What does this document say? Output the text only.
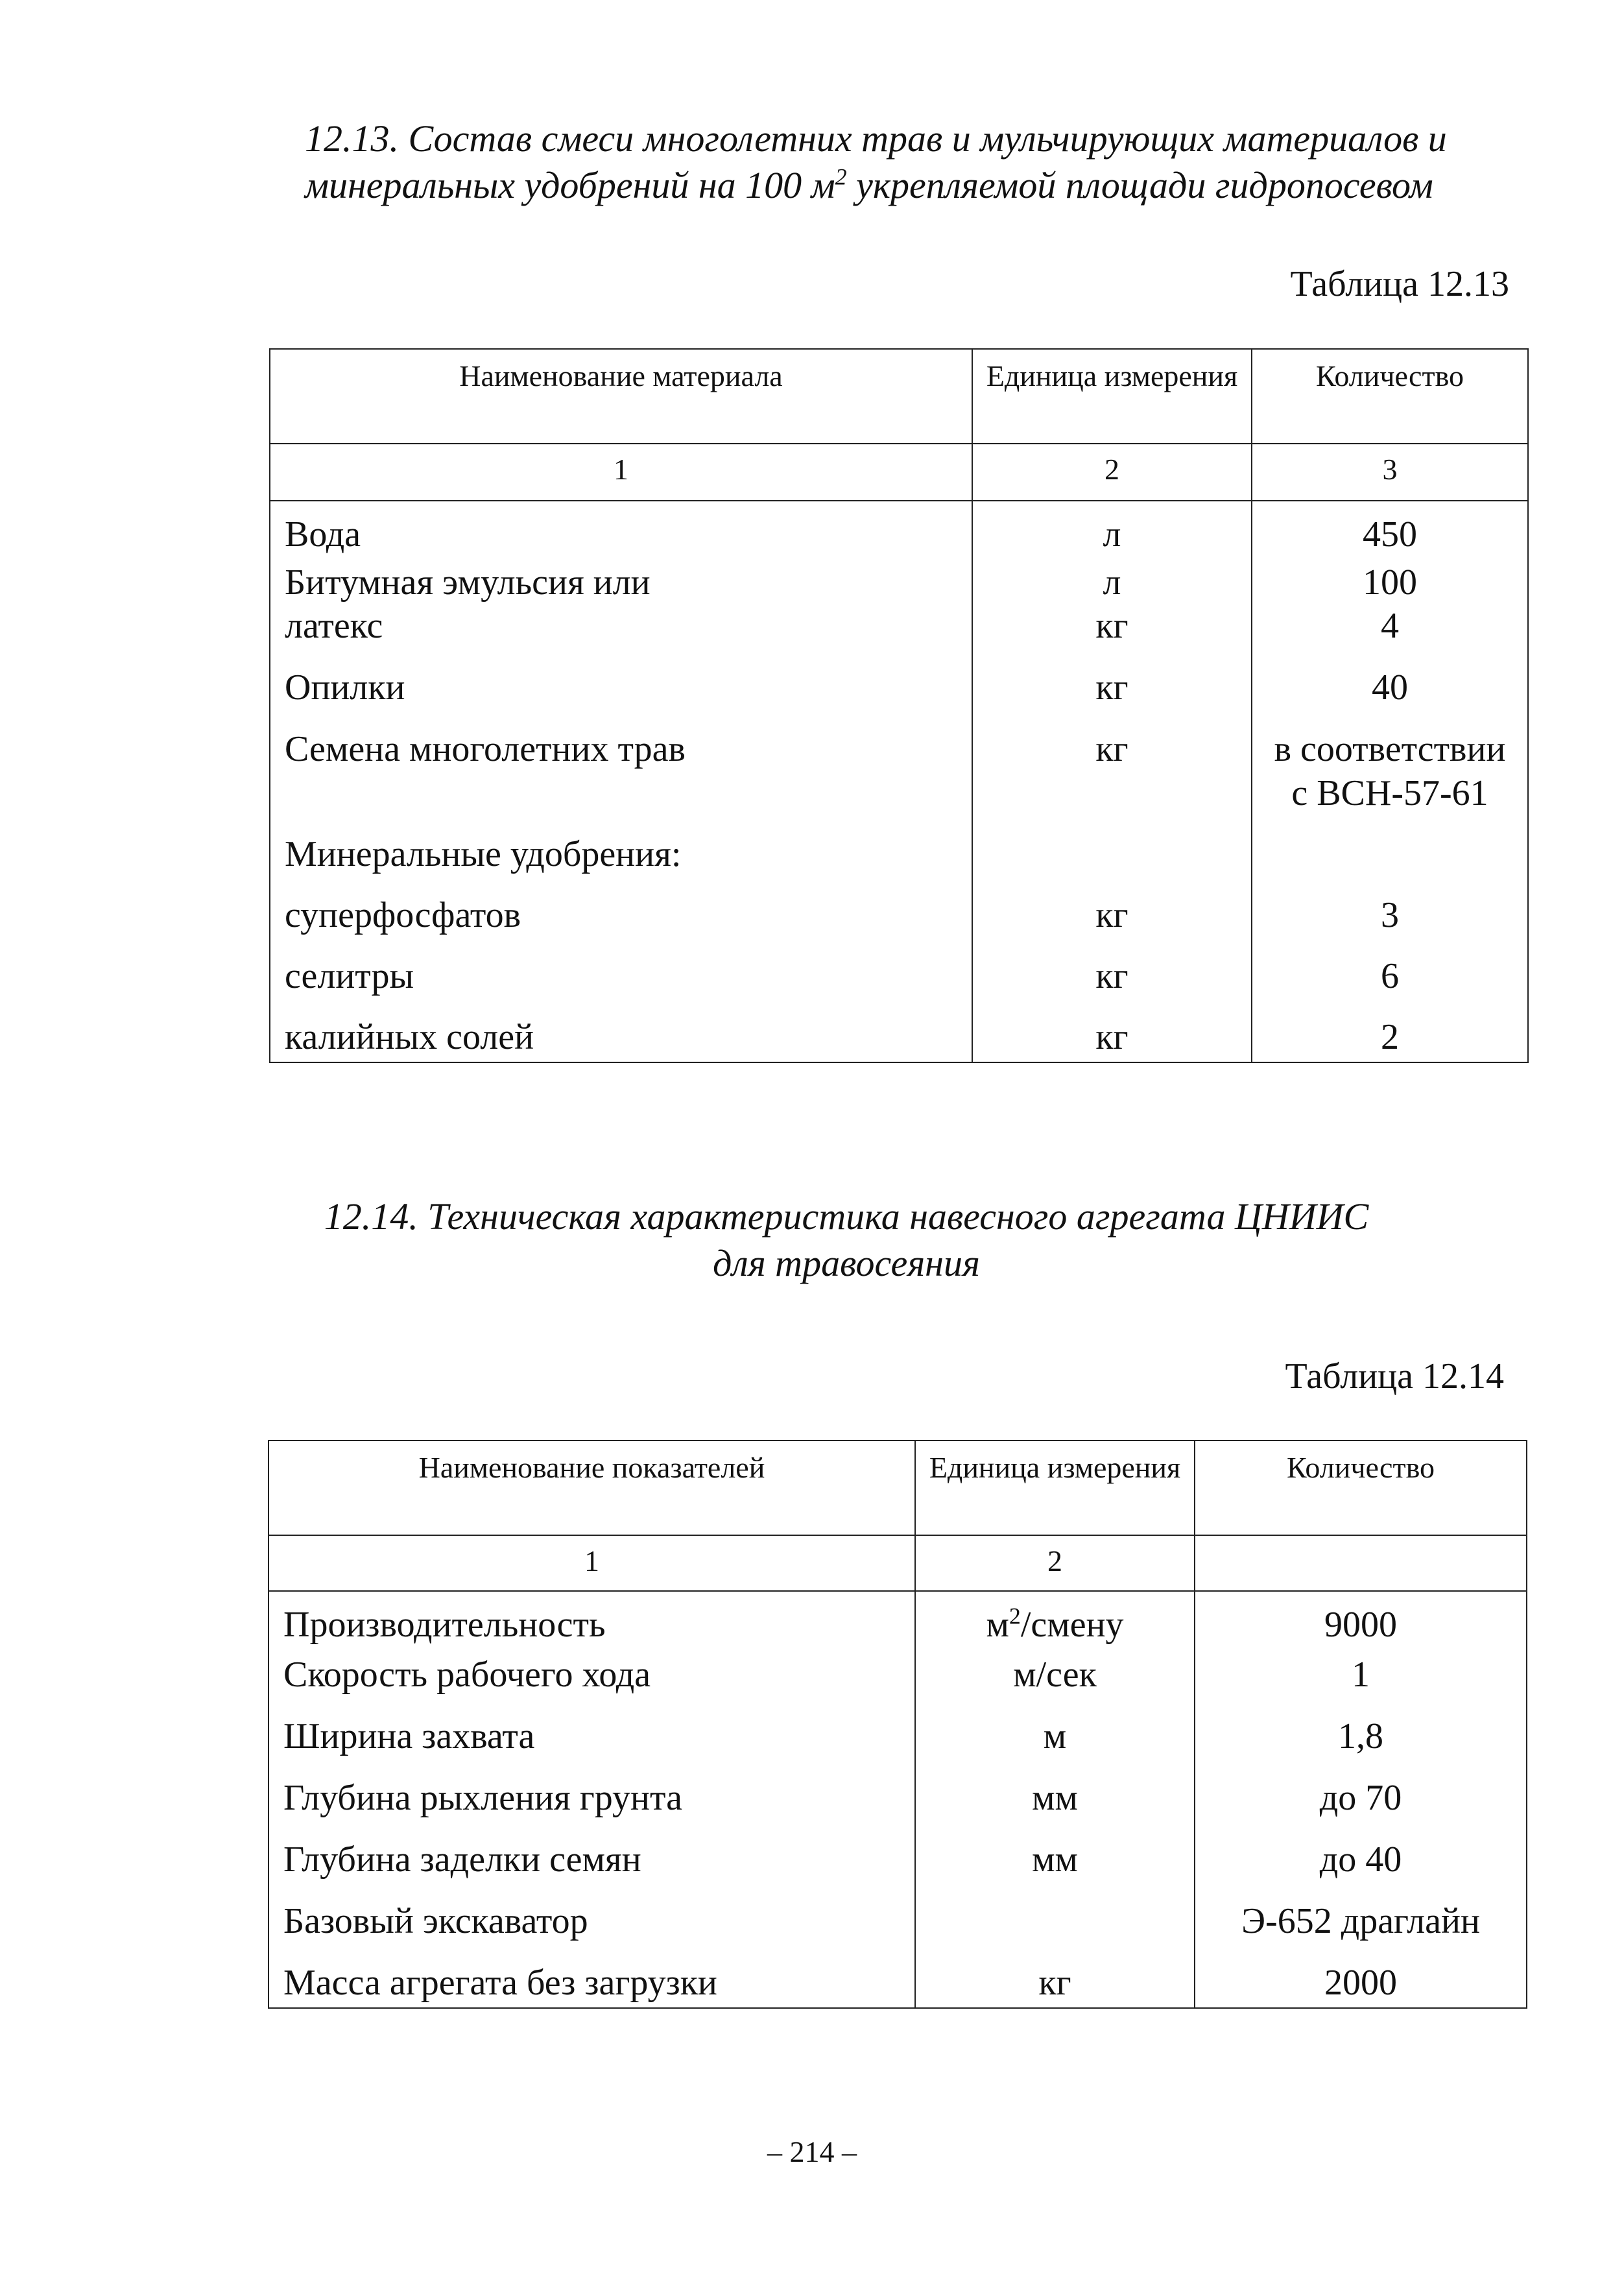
12.13. Состав смеси многолетних трав и мульчирующих материалов и
минеральных удобрений на 100 $м^2$ укрепляемой площади гидропосевом
Таблица 12.13
Наименование материала	Единица измерения	Количество
1	2	3
Вода	л	450
Битумная эмульсия или	л	100
латекс	кг	4
Опилки	кг	40
Семена многолетних трав	кг	в соответствии
		с ВСН-57-61
Минеральные удобрения:		
суперфосфатов	кг	3
селитры	кг	6
калийных солей	кг	2
12.14. Техническая характеристика навесного агрегата ЦНИИС
для травосеяния
Таблица 12.14
Наименование показателей	Единица измерения	Количество
1	2	
Производительность	$м^2$/смену	9000
Скорость рабочего хода	м/сек	1
Ширина захвата	м	1,8
Глубина рыхления грунта	мм	до 70
Глубина заделки семян	мм	до 40
Базовый экскаватор		Э-652 драглайн
Масса агрегата без загрузки	кг	2000
– 214 –
